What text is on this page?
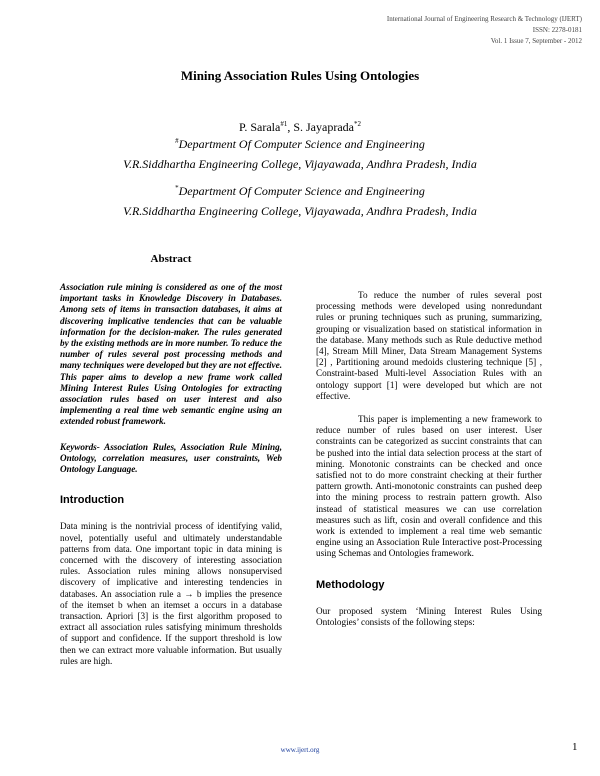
International Journal of Engineering Research & Technology (IJERT)
ISSN: 2278-0181
Vol. 1 Issue 7, September - 2012
Mining Association Rules Using Ontologies
P. Sarala$^{\#1}$, S. Jayaprada$^{*2}$
#Department Of Computer Science and Engineering
V.R.Siddhartha Engineering College, Vijayawada, Andhra Pradesh, India
*Department Of Computer Science and Engineering
V.R.Siddhartha Engineering College, Vijayawada, Andhra Pradesh, India
Abstract

Association rule mining is considered as one of the most important tasks in Knowledge Discovery in Databases. Among sets of items in transaction databases, it aims at discovering implicative tendencies that can be valuable information for the decision-maker. The rules generated by the existing methods are in more number. To reduce the number of rules several post processing methods and many techniques were developed but they are not effective. This paper aims to develop a new frame work called Mining Interest Rules Using Ontologies for extracting association rules based on user interest and also implementing a real time web semantic engine using an extended robust framework.

Keywords- Association Rules, Association Rule Mining, Ontology, correlation measures, user constraints, Web Ontology Language.

Introduction

Data mining is the nontrivial process of identifying valid, novel, potentially useful and ultimately understandable patterns from data. One important topic in data mining is concerned with the discovery of interesting association rules. Association rules mining allows nonsupervised discovery of implicative and interesting tendencies in databases. An association rule a → b implies the presence of the itemset b when an itemset a occurs in a database transaction. Apriori [3] is the first algorithm proposed to extract all association rules satisfying minimum thresholds of support and confidence. If the support threshold is low then we can extract more valuable information. But usually rules are high.

To reduce the number of rules several post processing methods were developed using nonredundant rules or pruning techniques such as pruning, summarizing, grouping or visualization based on statistical information in the database. Many methods such as Rule deductive method [4], Stream Mill Miner, Data Stream Management Systems [2] , Partitioning around medoids clustering technique [5] , Constraint-based Multi-level Association Rules with an ontology support [1] were developed but which are not effective.

This paper is implementing a new framework to reduce number of rules based on user interest. User constraints can be categorized as succint constraints that can be pushed into the intial data selection process at the start of mining. Monotonic constraints can be checked and once satisfied not to do more constraint checking at their further pattern growth. Anti-monotonic constraints can pushed deep into the mining process to restrain pattern growth. Also instead of statistical measures we can use correlation measures such as lift, cosin and overall confidence and this work is extended to implement a real time web semantic engine using an Association Rule Interactive post-Processing using Schemas and Ontologies framework.

Methodology

Our proposed system ‘Mining Interest Rules Using Ontologies’ consists of the following steps:

www.ijert.org	1
